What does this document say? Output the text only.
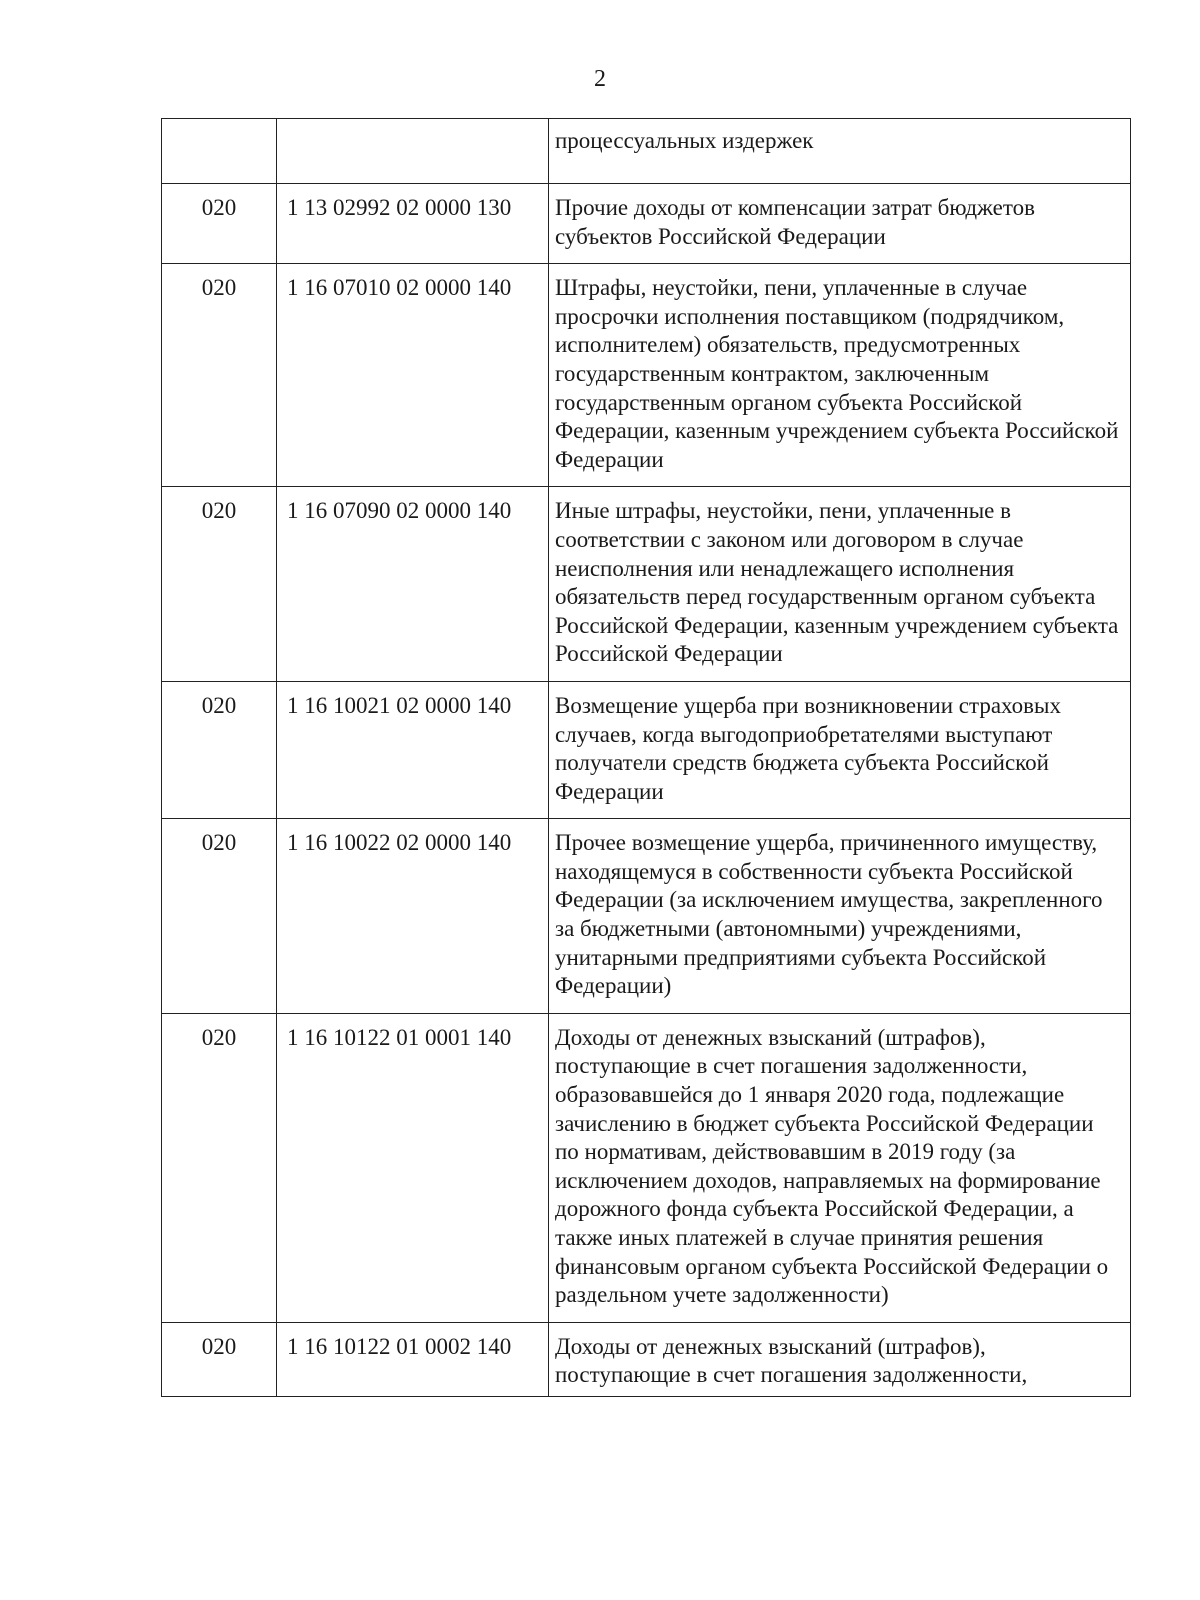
2
		процессуальных издержек
020	1 13 02992 02 0000 130	Прочие доходы от компенсации затрат бюджетов субъектов Российской Федерации
020	1 16 07010 02 0000 140	Штрафы, неустойки, пени, уплаченные в случае просрочки исполнения поставщиком (подрядчиком, исполнителем) обязательств, предусмотренных государственным контрактом, заключенным государственным органом субъекта Российской Федерации, казенным учреждением субъекта Российской Федерации
020	1 16 07090 02 0000 140	Иные штрафы, неустойки, пени, уплаченные в соответствии с законом или договором в случае неисполнения или ненадлежащего исполнения обязательств перед государственным органом субъекта Российской Федерации, казенным учреждением субъекта Российской Федерации
020	1 16 10021 02 0000 140	Возмещение ущерба при возникновении страховых случаев, когда выгодоприобретателями выступают получатели средств бюджета субъекта Российской Федерации
020	1 16 10022 02 0000 140	Прочее возмещение ущерба, причиненного имуществу, находящемуся в собственности субъекта Российской Федерации (за исключением имущества, закрепленного за бюджетными (автономными) учреждениями, унитарными предприятиями субъекта Российской Федерации)
020	1 16 10122 01 0001 140	Доходы от денежных взысканий (штрафов), поступающие в счет погашения задолженности, образовавшейся до 1 января 2020 года, подлежащие зачислению в бюджет субъекта Российской Федерации по нормативам, действовавшим в 2019 году (за исключением доходов, направляемых на формирование дорожного фонда субъекта Российской Федерации, а также иных платежей в случае принятия решения финансовым органом субъекта Российской Федерации о раздельном учете задолженности)
020	1 16 10122 01 0002 140	Доходы от денежных взысканий (штрафов), поступающие в счет погашения задолженности,
